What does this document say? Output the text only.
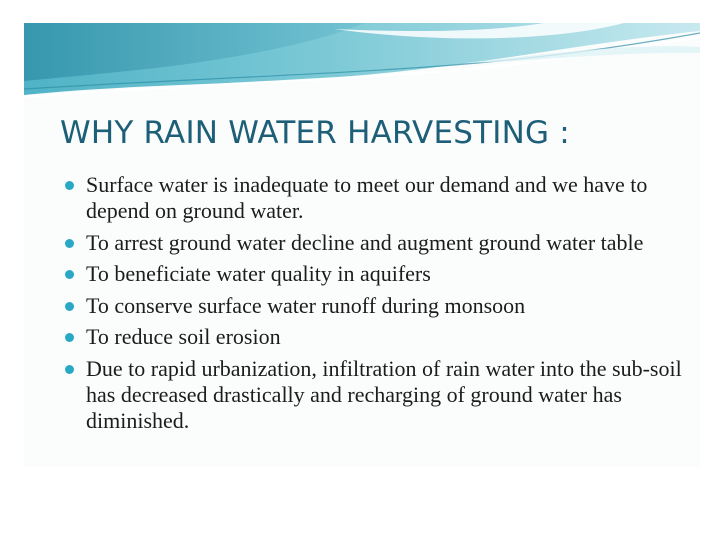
WHY RAIN WATER HARVESTING :
Surface water is inadequate to meet our demand and we have to depend on ground water.
To arrest ground water decline and augment ground water table
To beneficiate water quality in aquifers
To conserve surface water runoff during monsoon
To reduce soil erosion
Due to rapid urbanization, infiltration of rain water into the sub-soil has decreased drastically and recharging of ground water has diminished.
